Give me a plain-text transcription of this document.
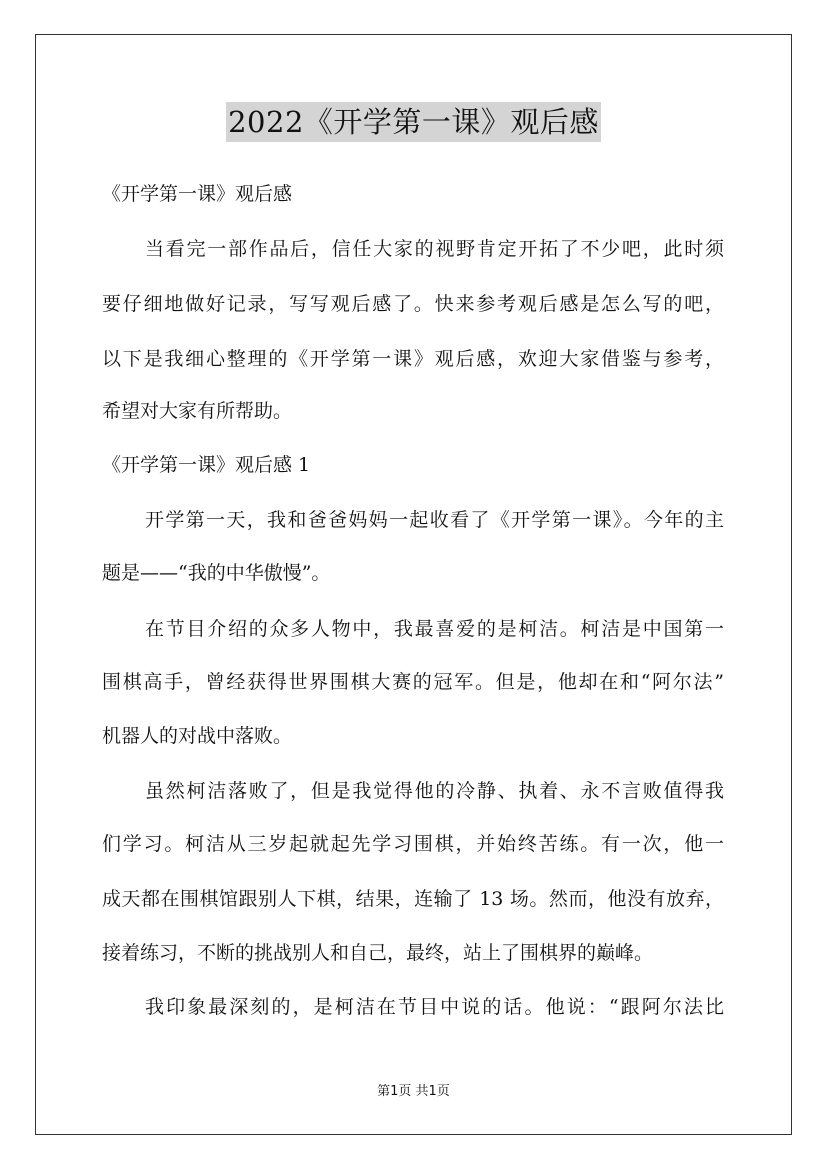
2022《开学第一课》观后感
《开学第一课》观后感
当看完一部作品后，信任大家的视野肯定开拓了不少吧，此时须
要仔细地做好记录，写写观后感了。快来参考观后感是怎么写的吧，
以下是我细心整理的《开学第一课》观后感，欢迎大家借鉴与参考，
希望对大家有所帮助。
《开学第一课》观后感 1
开学第一天，我和爸爸妈妈一起收看了《开学第一课》。今年的主
题是——“我的中华傲慢”。
在节目介绍的众多人物中，我最喜爱的是柯洁。柯洁是中国第一
围棋高手，曾经获得世界围棋大赛的冠军。但是，他却在和“阿尔法”
机器人的对战中落败。
虽然柯洁落败了，但是我觉得他的冷静、执着、永不言败值得我
们学习。柯洁从三岁起就起先学习围棋，并始终苦练。有一次，他一
成天都在围棋馆跟别人下棋，结果，连输了 13 场。然而，他没有放弃，
接着练习，不断的挑战别人和自己，最终，站上了围棋界的巅峰。
我印象最深刻的，是柯洁在节目中说的话。他说：“跟阿尔法比
第1页 共1页
